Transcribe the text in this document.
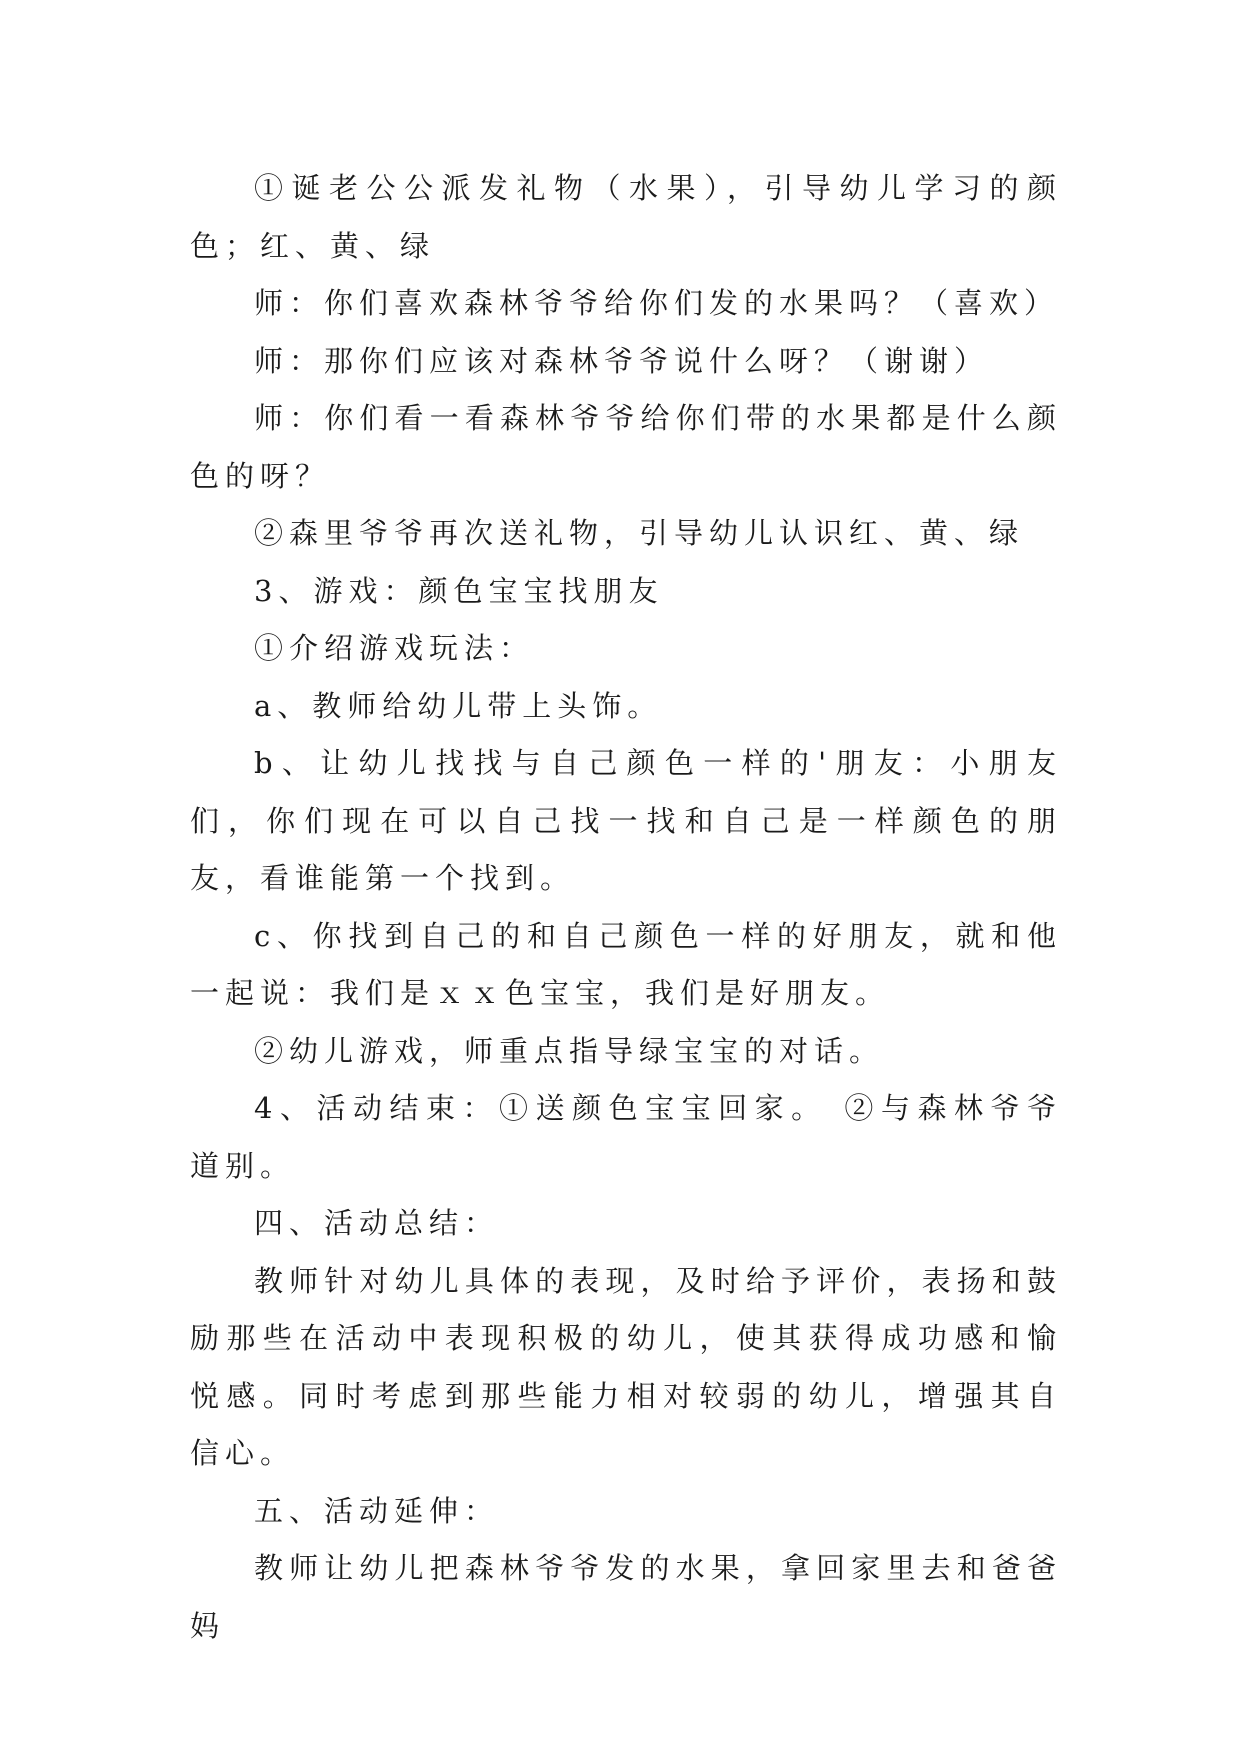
①诞老公公派发礼物（水果），引导幼儿学习的颜色；红、黄、绿

师：你们喜欢森林爷爷给你们发的水果吗？（喜欢）

师：那你们应该对森林爷爷说什么呀？（谢谢）

师：你们看一看森林爷爷给你们带的水果都是什么颜色的呀？

②森里爷爷再次送礼物，引导幼儿认识红、黄、绿

3、游戏：颜色宝宝找朋友

①介绍游戏玩法：

a、教师给幼儿带上头饰。

b、让幼儿找找与自己颜色一样的'朋友：小朋友们，你们现在可以自己找一找和自己是一样颜色的朋友，看谁能第一个找到。

c、你找到自己的和自己颜色一样的好朋友，就和他一起说：我们是ｘｘ色宝宝，我们是好朋友。

②幼儿游戏，师重点指导绿宝宝的对话。

4、活动结束：①送颜色宝宝回家。 ②与森林爷爷道别。

四、活动总结：

教师针对幼儿具体的表现，及时给予评价，表扬和鼓励那些在活动中表现积极的幼儿，使其获得成功感和愉悦感。同时考虑到那些能力相对较弱的幼儿，增强其自信心。

五、活动延伸：

教师让幼儿把森林爷爷发的水果，拿回家里去和爸爸妈
